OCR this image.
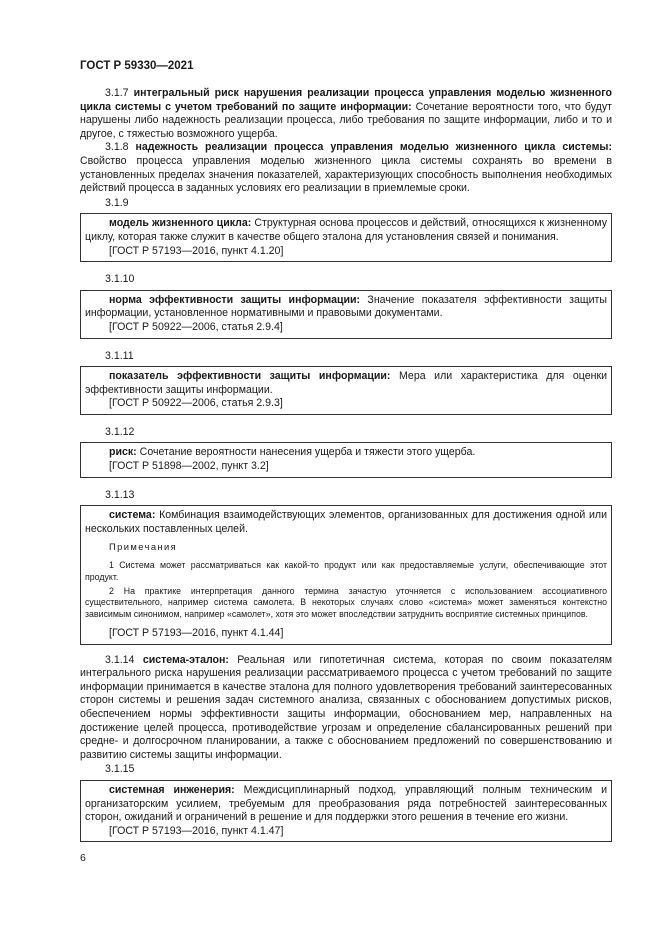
ГОСТ Р 59330—2021

3.1.7 интегральный риск нарушения реализации процесса управления моделью жизненного цикла системы с учетом требований по защите информации: Сочетание вероятности того, что будут нарушены либо надежность реализации процесса, либо требования по защите информации, либо и то и другое, с тяжестью возможного ущерба.

3.1.8 надежность реализации процесса управления моделью жизненного цикла системы: Свойство процесса управления моделью жизненного цикла системы сохранять во времени в установленных пределах значения показателей, характеризующих способность выполнения необходимых действий процесса в заданных условиях его реализации в приемлемые сроки.

3.1.9

модель жизненного цикла: Структурная основа процессов и действий, относящихся к жизненному циклу, которая также служит в качестве общего эталона для установления связей и понимания.

[ГОСТ Р 57193—2016, пункт 4.1.20]

3.1.10

норма эффективности защиты информации: Значение показателя эффективности защиты информации, установленное нормативными и правовыми документами.

[ГОСТ Р 50922—2006, статья 2.9.4]

3.1.11

показатель эффективности защиты информации: Мера или характеристика для оценки эффективности защиты информации.

[ГОСТ Р 50922—2006, статья 2.9.3]

3.1.12

риск: Сочетание вероятности нанесения ущерба и тяжести этого ущерба.

[ГОСТ Р 51898—2002, пункт 3.2]

3.1.13

система: Комбинация взаимодействующих элементов, организованных для достижения одной или нескольких поставленных целей.

Примечания

1 Система может рассматриваться как какой-то продукт или как предоставляемые услуги, обеспечивающие этот продукт.

2 На практике интерпретация данного термина зачастую уточняется с использованием ассоциативного существительного, например система самолета. В некоторых случаях слово «система» может заменяться контекстно зависимым синонимом, например «самолет», хотя это может впоследствии затруднить восприятие системных принципов.

[ГОСТ Р 57193—2016, пункт 4.1.44]

3.1.14 система-эталон: Реальная или гипотетичная система, которая по своим показателям интегрального риска нарушения реализации рассматриваемого процесса с учетом требований по защите информации принимается в качестве эталона для полного удовлетворения требований заинтересованных сторон системы и решения задач системного анализа, связанных с обоснованием допустимых рисков, обеспечением нормы эффективности защиты информации, обоснованием мер, направленных на достижение целей процесса, противодействие угрозам и определение сбалансированных решений при средне- и долгосрочном планировании, а также с обоснованием предложений по совершенствованию и развитию системы защиты информации.

3.1.15

системная инженерия: Междисциплинарный подход, управляющий полным техническим и организаторским усилием, требуемым для преобразования ряда потребностей заинтересованных сторон, ожиданий и ограничений в решение и для поддержки этого решения в течение его жизни.

[ГОСТ Р 57193—2016, пункт 4.1.47]

6
